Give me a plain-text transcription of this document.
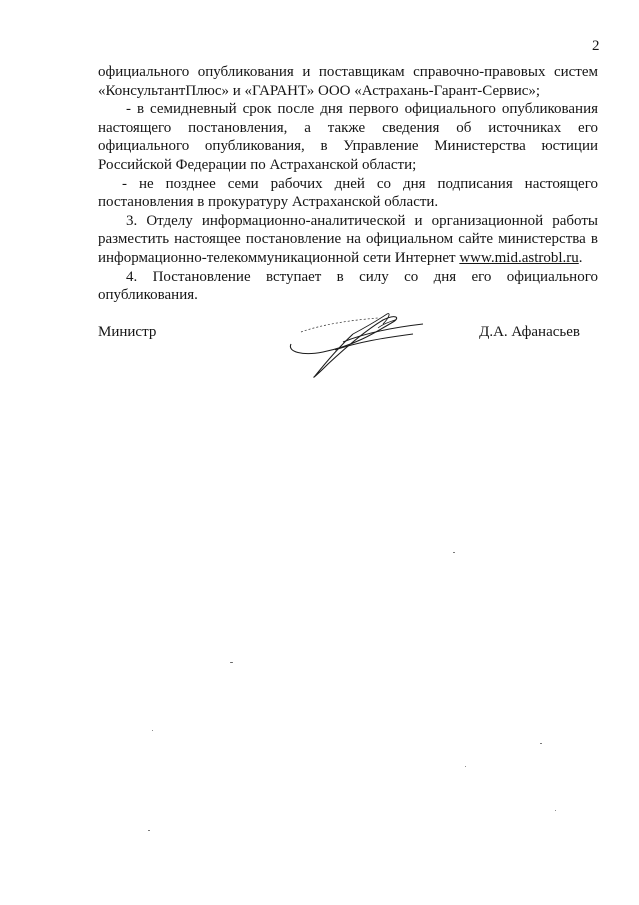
2

официального опубликования и поставщикам справочно-правовых систем «КонсультантПлюс» и «ГАРАНТ» ООО «Астрахань-Гарант-Сервис»;

- в семидневный срок после дня первого официального опубликования настоящего постановления, а также сведения об источниках его официального опубликования, в Управление Министерства юстиции Российской Федерации по Астраханской области;

- не позднее семи рабочих дней со дня подписания настоящего постановления в прокуратуру Астраханской области.

3. Отделу информационно-аналитической и организационной работы разместить настоящее постановление на официальном сайте министерства в информационно-телекоммуникационной сети Интернет www.mid.astrobl.ru.

4. Постановление вступает в силу со дня его официального опубликования.

Министр	Д.А. Афанасьев
